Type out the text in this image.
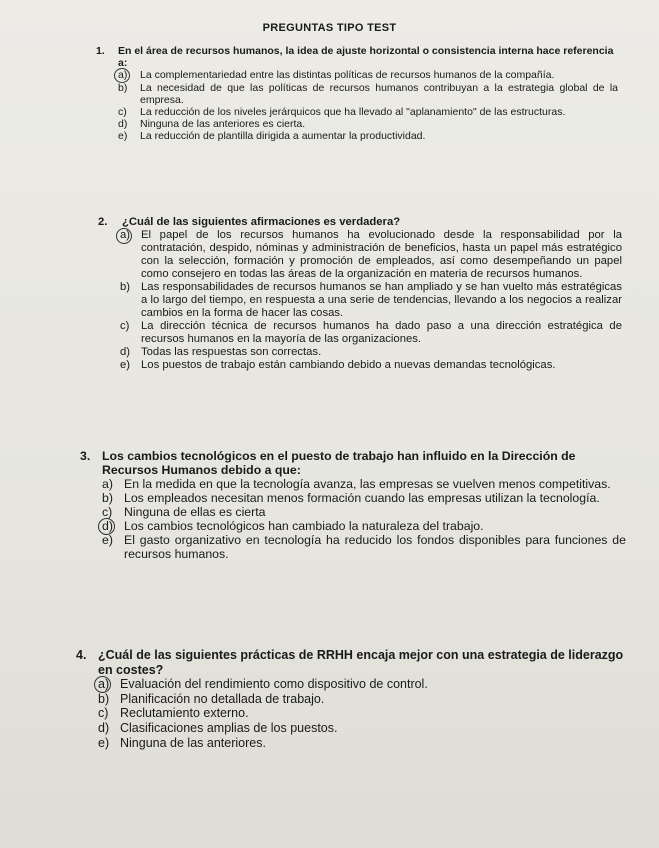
PREGUNTAS TIPO TEST
1.	En el área de recursos humanos, la idea de ajuste horizontal o consistencia interna hace referencia a:
a)	La complementariedad entre las distintas políticas de recursos humanos de la compañía.
b)	La necesidad de que las políticas de recursos humanos contribuyan a la estrategia global de la empresa.
c)	La reducción de los niveles jerárquicos que ha llevado al "aplanamiento" de las estructuras.
d)	Ninguna de las anteriores es cierta.
e)	La reducción de plantilla dirigida a aumentar la productividad.
2.	¿Cuál de las siguientes afirmaciones es verdadera?
a) El papel de los recursos humanos ha evolucionado desde la responsabilidad por la contratación, despido, nóminas y administración de beneficios, hasta un papel más estratégico con la selección, formación y promoción de empleados, así como desempeñando un papel como consejero en todas las áreas de la organización en materia de recursos humanos.
b) Las responsabilidades de recursos humanos se han ampliado y se han vuelto más estratégicas a lo largo del tiempo, en respuesta a una serie de tendencias, llevando a los negocios a realizar cambios en la forma de hacer las cosas.
c)	La dirección técnica de recursos humanos ha dado paso a una dirección estratégica de recursos humanos en la mayoría de las organizaciones.
d) Todas las respuestas son correctas.
e) Los puestos de trabajo están cambiando debido a nuevas demandas tecnológicas.
3. Los cambios tecnológicos en el puesto de trabajo han influido en la Dirección de Recursos Humanos debido a que:
a) En la medida en que la tecnología avanza, las empresas se vuelven menos competitivas.
b) Los empleados necesitan menos formación cuando las empresas utilizan la tecnología.
c) Ninguna de ellas es cierta
d) Los cambios tecnológicos han cambiado la naturaleza del trabajo.
e) El gasto organizativo en tecnología ha reducido los fondos disponibles para funciones de recursos humanos.
4. ¿Cuál de las siguientes prácticas de RRHH encaja mejor con una estrategia de liderazgo en costes?
a) Evaluación del rendimiento como dispositivo de control.
b) Planificación no detallada de trabajo.
c) Reclutamiento externo.
d) Clasificaciones amplias de los puestos.
e) Ninguna de las anteriores.
